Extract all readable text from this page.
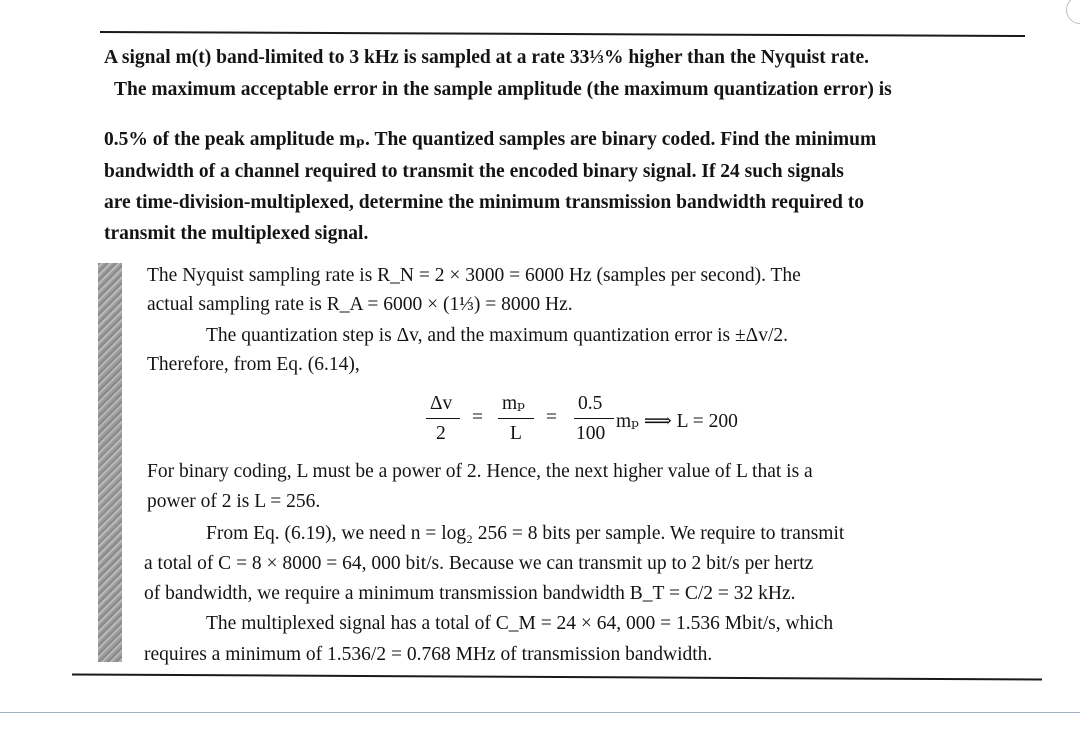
A signal m(t) band-limited to 3 kHz is sampled at a rate 33⅓% higher than the Nyquist rate.
The maximum acceptable error in the sample amplitude (the maximum quantization error) is
0.5% of the peak amplitude mₚ. The quantized samples are binary coded. Find the minimum
bandwidth of a channel required to transmit the encoded binary signal. If 24 such signals
are time-division-multiplexed, determine the minimum transmission bandwidth required to
transmit the multiplexed signal.
The Nyquist sampling rate is R_N = 2 × 3000 = 6000 Hz (samples per second). The
actual sampling rate is R_A = 6000 × (1⅓) = 8000 Hz.
The quantization step is Δv, and the maximum quantization error is ±Δv/2.
Therefore, from Eq. (6.14),
Δv
2
=
mₚ
L
=
0.5
100
mₚ ⟹ L = 200
For binary coding, L must be a power of 2. Hence, the next higher value of L that is a
power of 2 is L = 256.
From Eq. (6.19), we need n = log₂ 256 = 8 bits per sample. We require to transmit
a total of C = 8 × 8000 = 64, 000 bit/s. Because we can transmit up to 2 bit/s per hertz
of bandwidth, we require a minimum transmission bandwidth B_T = C/2 = 32 kHz.
The multiplexed signal has a total of C_M = 24 × 64, 000 = 1.536 Mbit/s, which
requires a minimum of 1.536/2 = 0.768 MHz of transmission bandwidth.
